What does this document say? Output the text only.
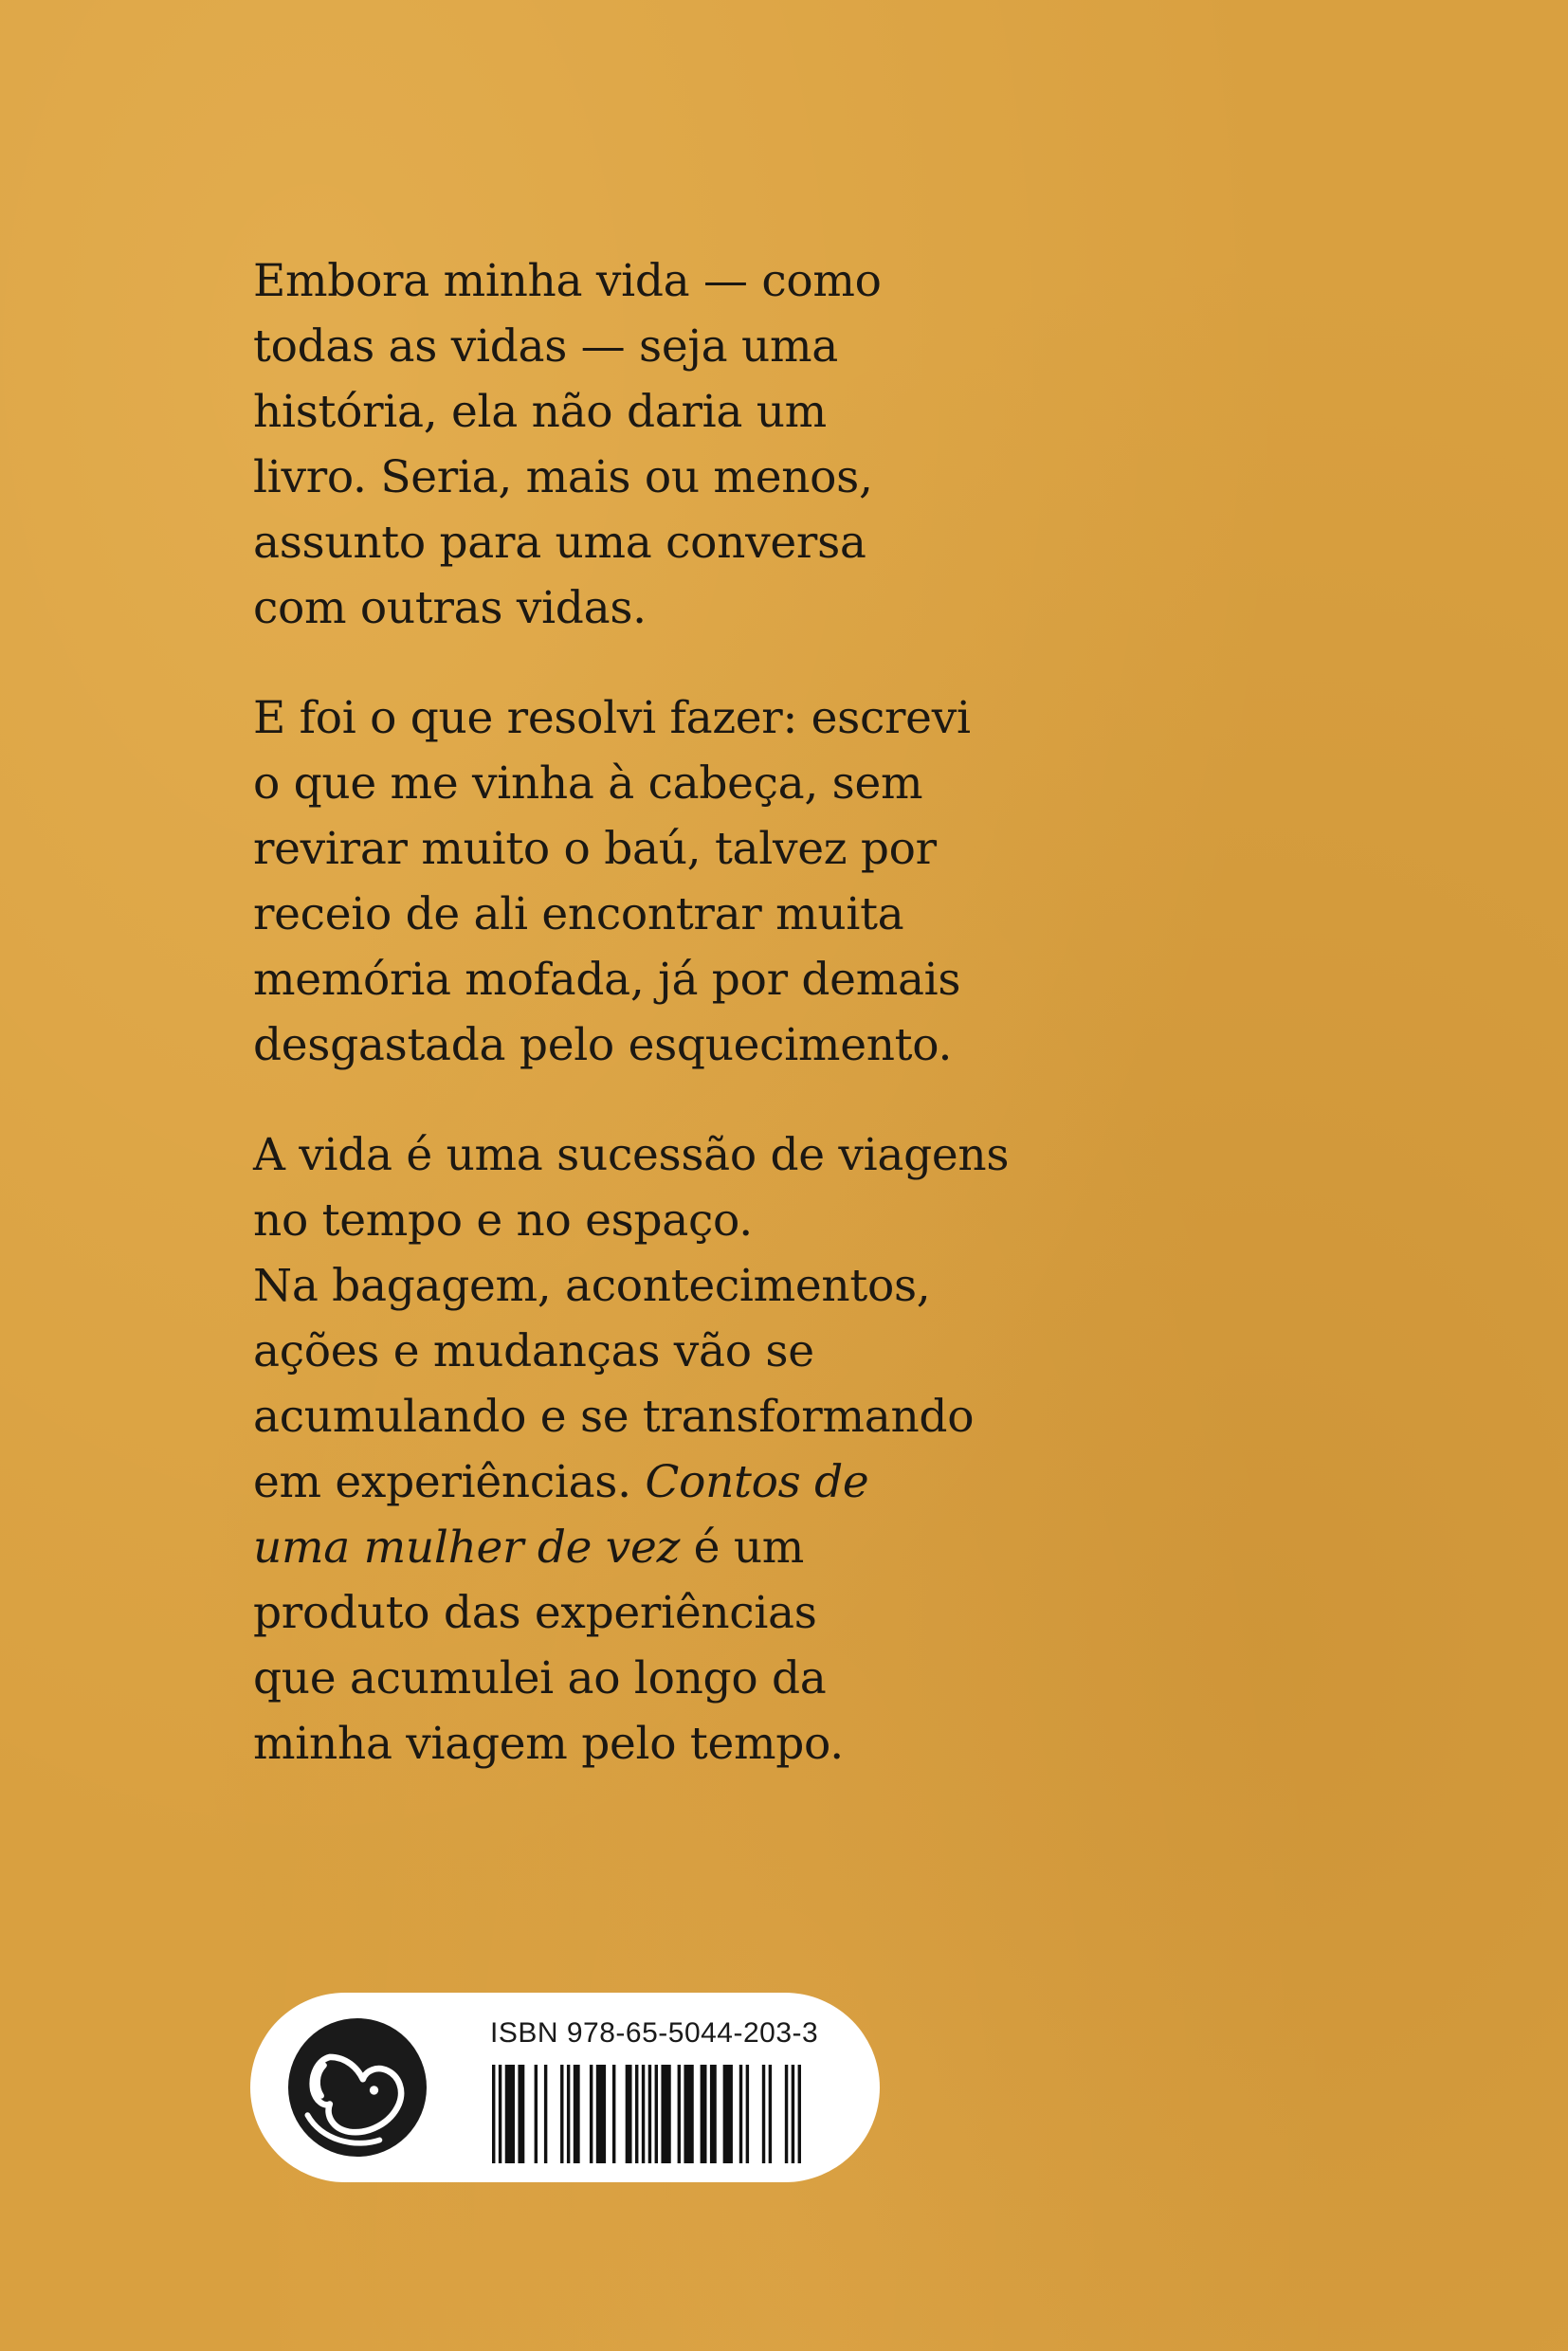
Embora minha vida — como
todas as vidas — seja uma
história, ela não daria um
livro. Seria, mais ou menos,
assunto para uma conversa
com outras vidas.

E foi o que resolvi fazer: escrevi
o que me vinha à cabeça, sem
revirar muito o baú, talvez por
receio de ali encontrar muita
memória mofada, já por demais
desgastada pelo esquecimento.

A vida é uma sucessão de viagens
no tempo e no espaço.
Na bagagem, acontecimentos,
ações e mudanças vão se
acumulando e se transformando
em experiências. Contos de
uma mulher de vez é um
produto das experiências
que acumulei ao longo da
minha viagem pelo tempo.

ISBN 978-65-5044-203-3
